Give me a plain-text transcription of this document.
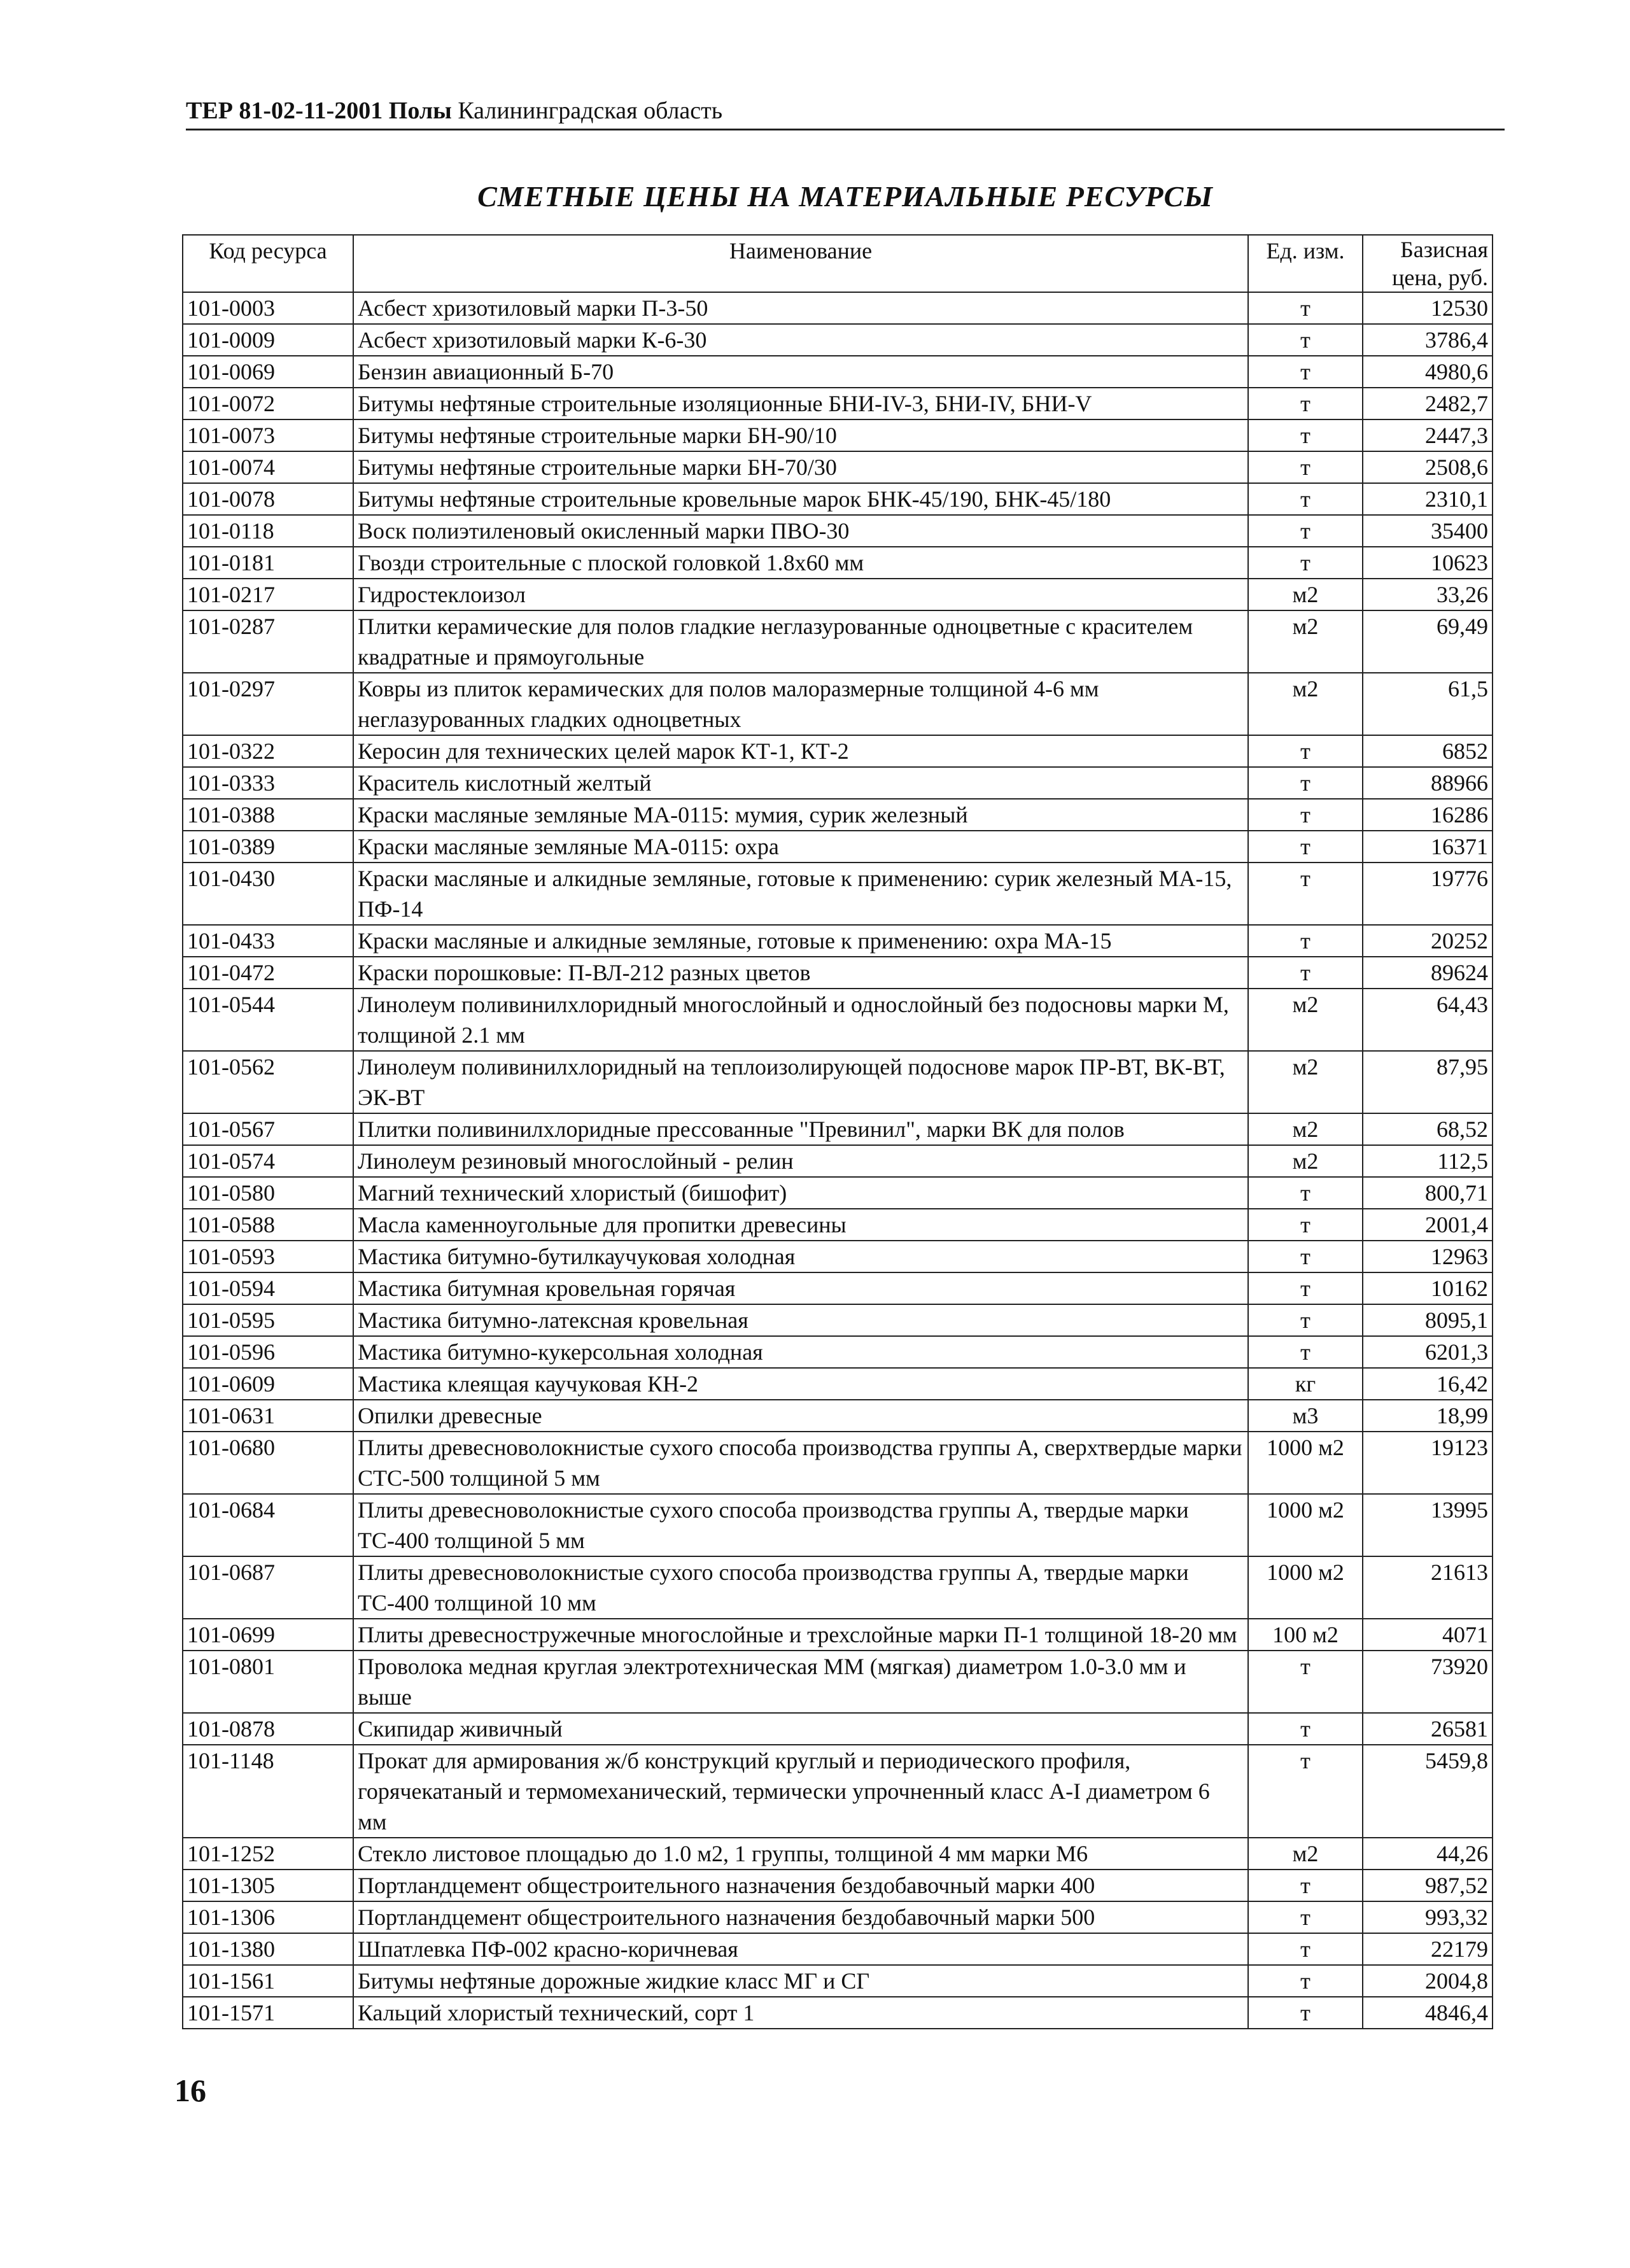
ТЕР 81-02-11-2001 Полы Калининградская область
СМЕТНЫЕ ЦЕНЫ НА МАТЕРИАЛЬНЫЕ РЕСУРСЫ
Код ресурса	Наименование	Ед. изм.	Базисная цена, руб.
101-0003	Асбест хризотиловый марки П-3-50	т	12530
101-0009	Асбест хризотиловый марки К-6-30	т	3786,4
101-0069	Бензин авиационный Б-70	т	4980,6
101-0072	Битумы нефтяные строительные изоляционные БНИ-IV-3, БНИ-IV, БНИ-V	т	2482,7
101-0073	Битумы нефтяные строительные марки БН-90/10	т	2447,3
101-0074	Битумы нефтяные строительные марки БН-70/30	т	2508,6
101-0078	Битумы нефтяные строительные кровельные марок БНК-45/190, БНК-45/180	т	2310,1
101-0118	Воск полиэтиленовый окисленный марки ПВО-30	т	35400
101-0181	Гвозди строительные с плоской головкой 1.8x60 мм	т	10623
101-0217	Гидростеклоизол	м2	33,26
101-0287	Плитки керамические для полов гладкие неглазурованные одноцветные с красителем квадратные и прямоугольные	м2	69,49
101-0297	Ковры из плиток керамических для полов малоразмерные толщиной 4-6 мм неглазурованных гладких одноцветных	м2	61,5
101-0322	Керосин для технических целей марок КТ-1, КТ-2	т	6852
101-0333	Краситель кислотный желтый	т	88966
101-0388	Краски масляные земляные МА-0115: мумия, сурик железный	т	16286
101-0389	Краски масляные земляные МА-0115: охра	т	16371
101-0430	Краски масляные и алкидные земляные, готовые к применению: сурик железный МА-15, ПФ-14	т	19776
101-0433	Краски масляные и алкидные земляные, готовые к применению: охра МА-15	т	20252
101-0472	Краски порошковые: П-ВЛ-212 разных цветов	т	89624
101-0544	Линолеум поливинилхлоридный многослойный и однослойный без подосновы марки М, толщиной 2.1 мм	м2	64,43
101-0562	Линолеум поливинилхлоридный на теплоизолирующей подоснове марок ПР-ВТ, ВК-ВТ, ЭК-ВТ	м2	87,95
101-0567	Плитки поливинилхлоридные прессованные "Превинил", марки ВК для полов	м2	68,52
101-0574	Линолеум резиновый многослойный - релин	м2	112,5
101-0580	Магний технический хлористый (бишофит)	т	800,71
101-0588	Масла каменноугольные для пропитки древесины	т	2001,4
101-0593	Мастика битумно-бутилкаучуковая холодная	т	12963
101-0594	Мастика битумная кровельная горячая	т	10162
101-0595	Мастика битумно-латексная кровельная	т	8095,1
101-0596	Мастика битумно-кукерсольная холодная	т	6201,3
101-0609	Мастика клеящая каучуковая КН-2	кг	16,42
101-0631	Опилки древесные	м3	18,99
101-0680	Плиты древесноволокнистые сухого способа производства группы А, сверхтвердые марки СТС-500 толщиной 5 мм	1000 м2	19123
101-0684	Плиты древесноволокнистые сухого способа производства группы А, твердые марки ТС-400 толщиной 5 мм	1000 м2	13995
101-0687	Плиты древесноволокнистые сухого способа производства группы А, твердые марки ТС-400 толщиной 10 мм	1000 м2	21613
101-0699	Плиты древесностружечные многослойные и трехслойные марки П-1 толщиной 18-20 мм	100 м2	4071
101-0801	Проволока медная круглая электротехническая ММ (мягкая) диаметром 1.0-3.0 мм и выше	т	73920
101-0878	Скипидар живичный	т	26581
101-1148	Прокат для армирования ж/б конструкций круглый и периодического профиля, горячекатаный и термомеханический, термически упрочненный класс А-I диаметром 6 мм	т	5459,8
101-1252	Стекло листовое площадью до 1.0 м2, 1 группы, толщиной 4 мм марки М6	м2	44,26
101-1305	Портландцемент общестроительного назначения бездобавочный марки 400	т	987,52
101-1306	Портландцемент общестроительного назначения бездобавочный марки 500	т	993,32
101-1380	Шпатлевка ПФ-002 красно-коричневая	т	22179
101-1561	Битумы нефтяные дорожные жидкие класс МГ и СГ	т	2004,8
101-1571	Кальций хлористый технический, сорт 1	т	4846,4
16
